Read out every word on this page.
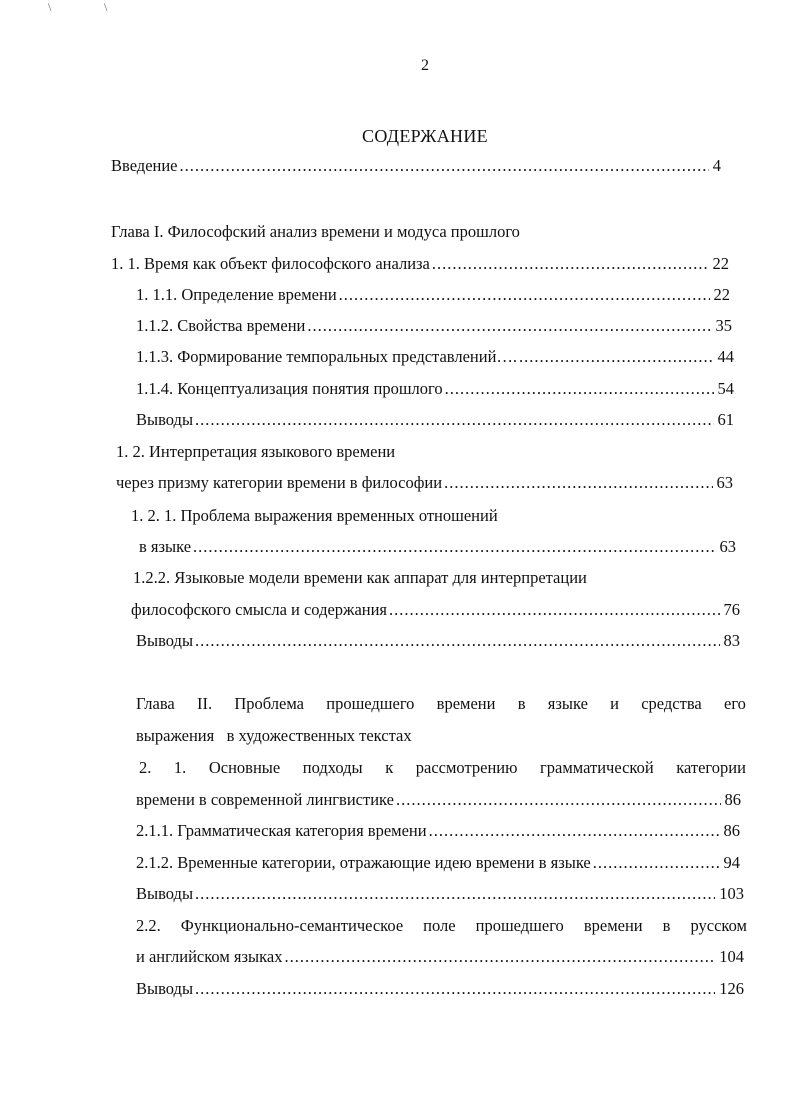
\	\
2
СОДЕРЖАНИЕ
Введение .....	4
Глава I. Философский анализ времени и модуса прошлого
1. 1. Время как объект философского анализа .....	22
1. 1.1. Определение времени .....	22
1.1.2. Свойства времени .....	35
1.1.3. Формирование темпоральных представлений…. .....	44
1.1.4. Концептуализация понятия прошлого .....	54
Выводы .....	61
1. 2. Интерпретация языкового времени
через призму категории времени в философии .....	63
1. 2. 1. Проблема выражения временных отношений
в языке .....	63
1.2.2. Языковые модели времени как аппарат для интерпретации
философского смысла и содержания .....	76
Выводы .....	83
Глава II. Проблема прошедшего времени в языке и средства его
выражения   в художественных текстах
2. 1. Основные подходы к рассмотрению грамматической категории
времени в современной лингвистике .....	86
2.1.1. Грамматическая категория времени .....	86
2.1.2. Временные категории, отражающие идею времени в языке .....	94
Выводы .....	103
2.2. Функционально-семантическое поле прошедшего времени в русском
и английском языках .....	104
Выводы .....	126
